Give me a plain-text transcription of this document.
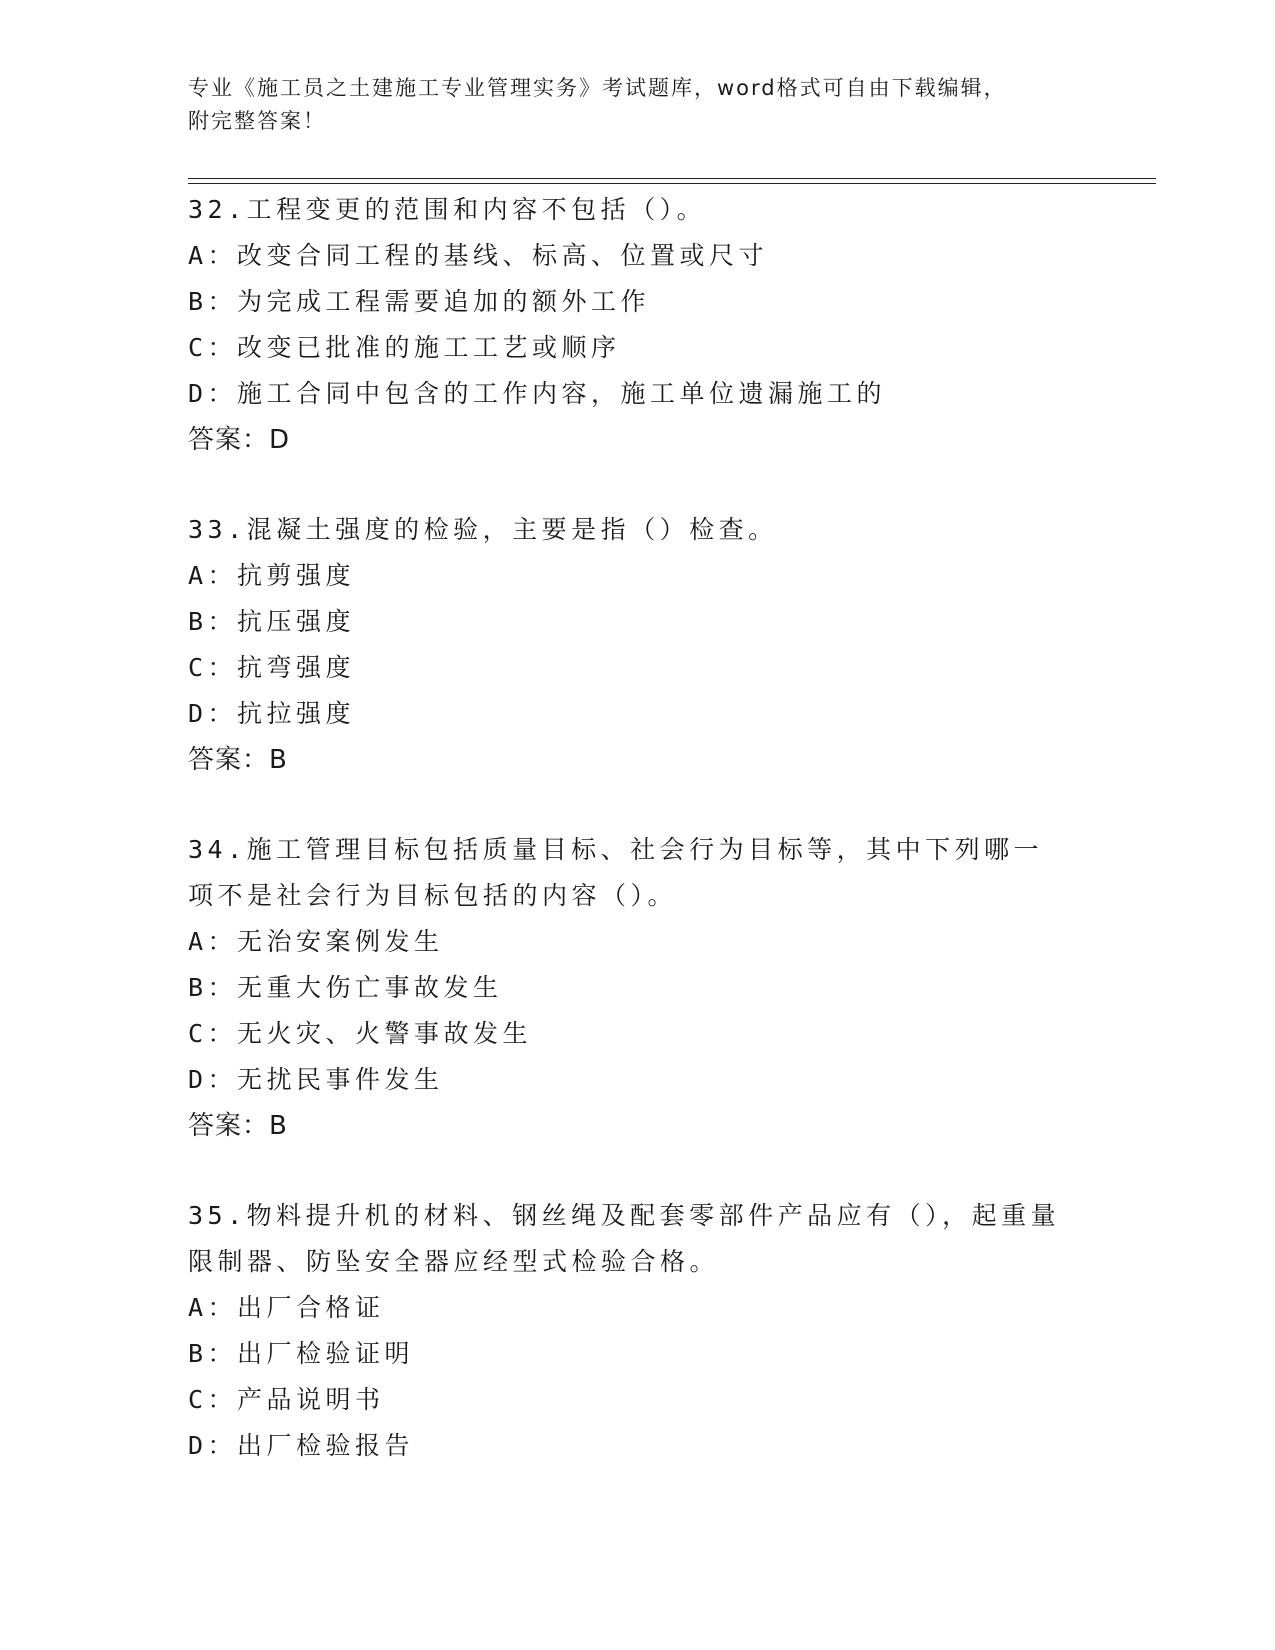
专业《施工员之土建施工专业管理实务》考试题库，word格式可自由下载编辑，
附完整答案！
32.工程变更的范围和内容不包括（）。
A：改变合同工程的基线、标高、位置或尺寸
B：为完成工程需要追加的额外工作
C：改变已批准的施工工艺或顺序
D：施工合同中包含的工作内容，施工单位遗漏施工的
答案：D
33.混凝土强度的检验，主要是指（）检查。
A：抗剪强度
B：抗压强度
C：抗弯强度
D：抗拉强度
答案：B
34.施工管理目标包括质量目标、社会行为目标等，其中下列哪一项不是社会行为目标包括的内容（）。
A：无治安案例发生
B：无重大伤亡事故发生
C：无火灾、火警事故发生
D：无扰民事件发生
答案：B
35.物料提升机的材料、钢丝绳及配套零部件产品应有（），起重量限制器、防坠安全器应经型式检验合格。
A：出厂合格证
B：出厂检验证明
C：产品说明书
D：出厂检验报告
